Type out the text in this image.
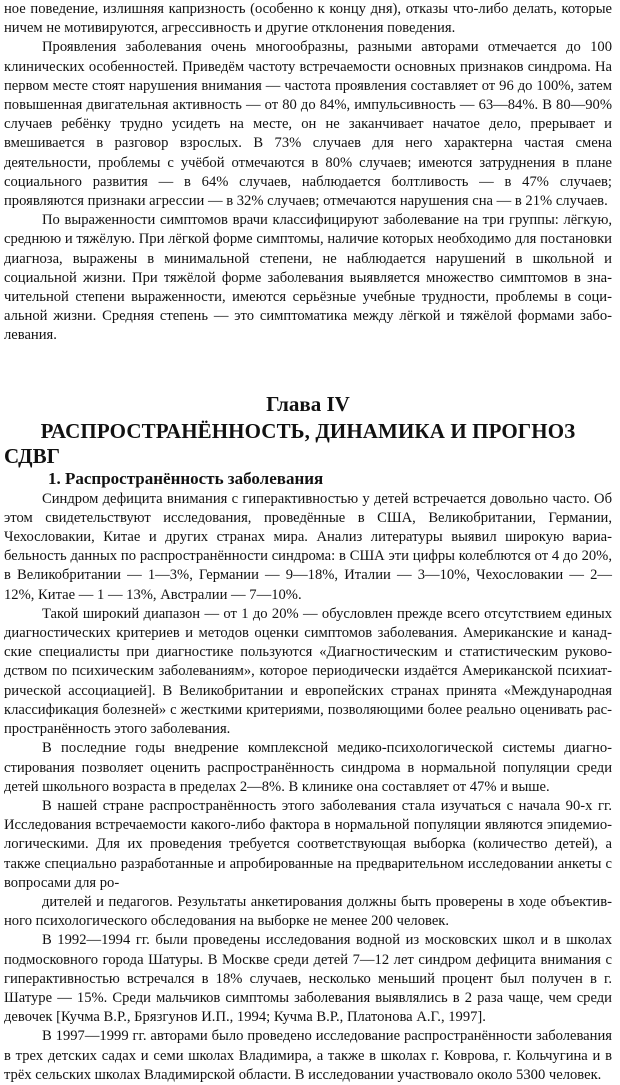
ное поведение, излишняя капризность (особенно к концу дня), отказы что-либо делать, которые ничем не мотивируются, агрессивность и другие отклонения поведения.

Проявления заболевания очень многообразны, разными авторами отмечается до 100 клинических особенностей. Приведём частоту встречаемости основных признаков синдрома. На первом месте стоят нарушения внимания — частота проявления составляет от 96 до 100%, затем повышенная двигательная активность — от 80 до 84%, импульсивность — 63—84%. В 80—90% случаев ребёнку трудно усидеть на месте, он не заканчивает начатое дело, прерывает и вмешивается в разговор взрослых. В 73% случаев для него характерна частая смена деятельности, проблемы с учёбой отмечаются в 80% случаев; имеются затруднения в плане социального развития — в 64% случаев, наблюдается болтливость — в 47% случаев; проявляются признаки агрессии — в 32% случаев; отмечаются нарушения сна — в 21% случаев.

По выраженности симптомов врачи классифицируют заболевание на три группы: лёгкую, среднюю и тяжёлую. При лёгкой форме симптомы, наличие которых необходимо для постановки диагноза, выражены в минимальной степени, не наблюдается нарушений в школьной и социальной жизни. При тяжёлой форме заболевания выявляется множество симптомов в значительной степени выраженности, имеются серьёзные учебные трудности, проблемы в социальной жизни. Средняя степень — это симптоматика между лёгкой и тяжёлой формами заболевания.

Глава IV
РАСПРОСТРАНЁННОСТЬ, ДИНАМИКА И ПРОГНОЗ
СДВГ
1. Распространённость заболевания

Синдром дефицита внимания с гиперактивностью у детей встречается довольно часто. Об этом свидетельствуют исследования, проведённые в США, Великобритании, Германии, Чехословакии, Китае и других странах мира. Анализ литературы выявил широкую вариабельность данных по распространённости синдрома: в США эти цифры колеблются от 4 до 20%, в Великобритании — 1—3%, Германии — 9—18%, Италии — 3—10%, Чехословакии — 2—12%, Китае — 1 — 13%, Австралии — 7—10%.

Такой широкий диапазон — от 1 до 20% — обусловлен прежде всего отсутствием единых диагностических критериев и методов оценки симптомов заболевания. Американские и канадские специалисты при диагностике пользуются «Диагностическим и статистическим руководством по психическим заболеваниям», которое периодически издаётся Американской психиатрической ассоциацией]. В Великобритании и европейских странах принята «Международная классификация болезней» с жесткими критериями, позволяющими более реально оценивать распространённость этого заболевания.

В последние годы внедрение комплексной медико-психологической системы диагностирования позволяет оценить распространённость синдрома в нормальной популяции среди детей школьного возраста в пределах 2—8%. В клинике она составляет от 47% и выше.

В нашей стране распространённость этого заболевания стала изучаться с начала 90-х гг. Исследования встречаемости какого-либо фактора в нормальной популяции являются эпидемиологическими. Для их проведения требуется соответствующая выборка (количество детей), а также специально разработанные и апробированные на предварительном исследовании анкеты с вопросами для ро-

дителей и педагогов. Результаты анкетирования должны быть проверены в ходе объективного психологического обследования на выборке не менее 200 человек.

В 1992—1994 гг. были проведены исследования водной из московских школ и в школах подмосковного города Шатуры. В Москве среди детей 7—12 лет синдром дефицита внимания с гиперактивностью встречался в 18% случаев, несколько меньший процент был получен в г. Шатуре — 15%. Среди мальчиков симптомы заболевания выявлялись в 2 раза чаще, чем среди девочек [Кучма В.Р., Брязгунов И.П., 1994; Кучма В.Р., Платонова А.Г., 1997].

В 1997—1999 гг. авторами было проведено исследование распространённости заболевания в трех детских садах и семи школах Владимира, а также в школах г. Коврова, г. Кольчугина и в трёх сельских школах Владимирской области. В исследовании участвовало около 5300 человек.
